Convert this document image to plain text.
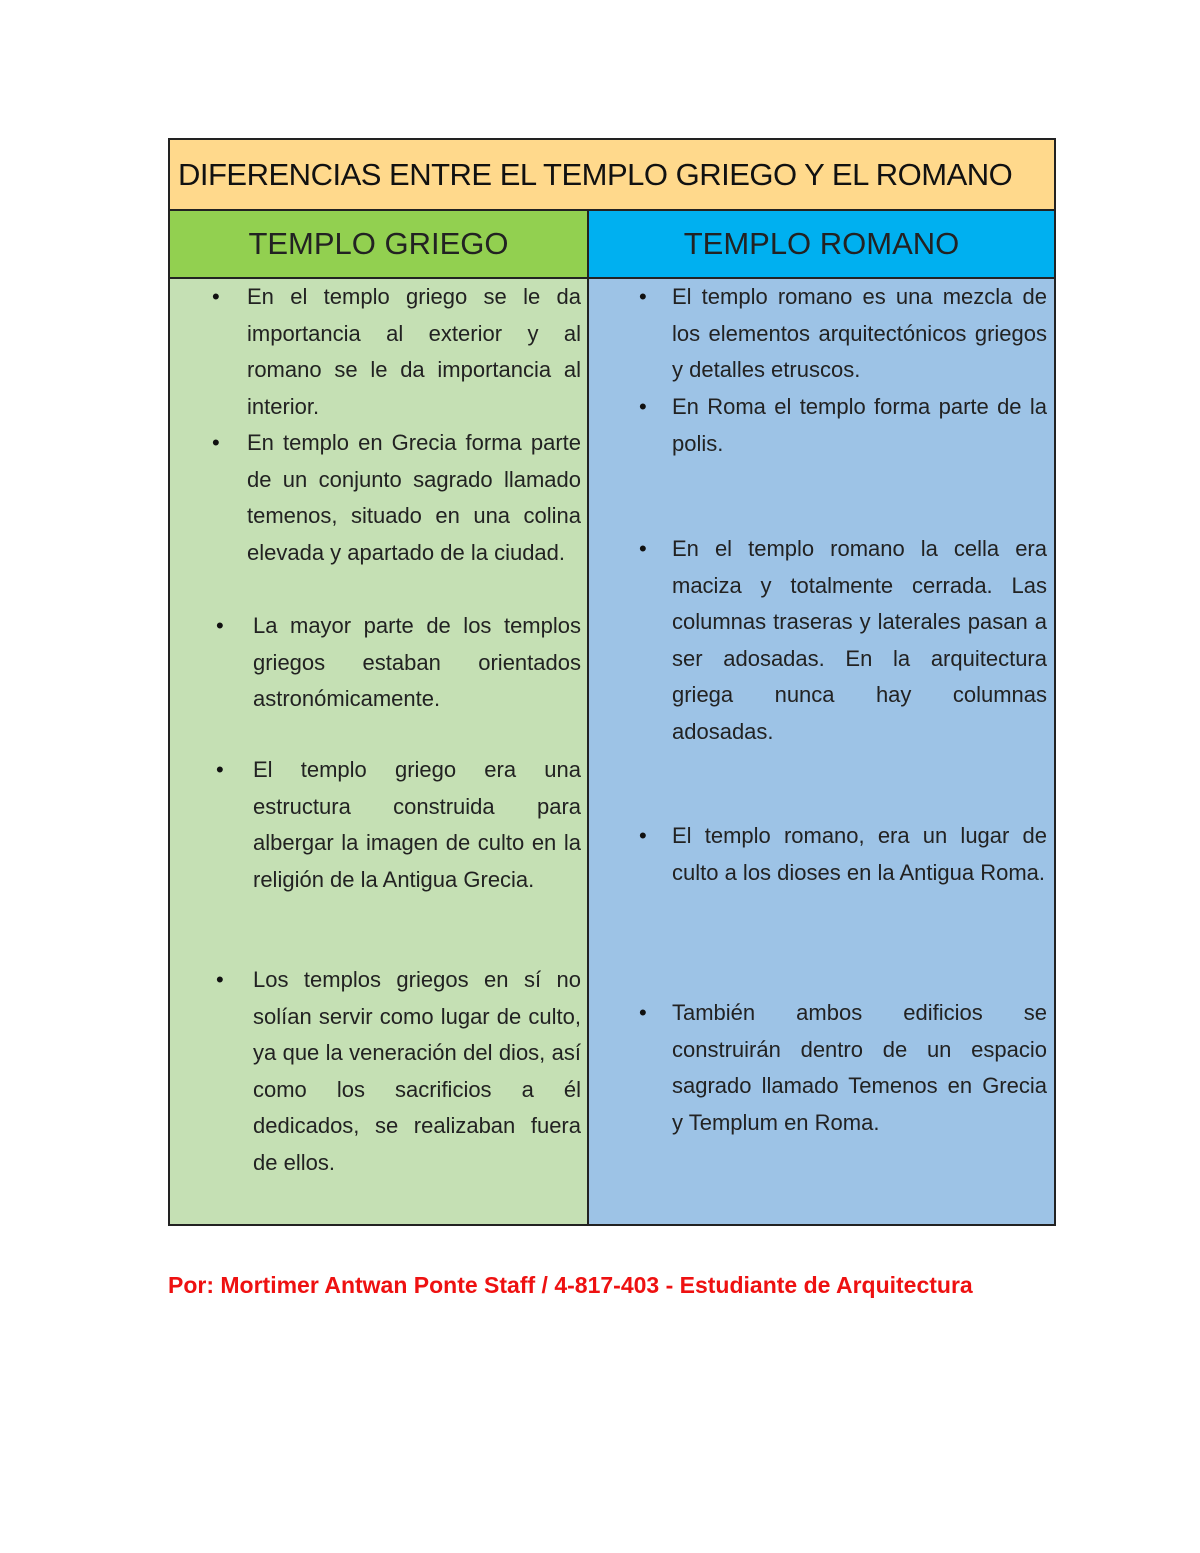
DIFERENCIAS ENTRE EL TEMPLO GRIEGO Y EL ROMANO
TEMPLO GRIEGO	TEMPLO ROMANO
• En el templo griego se le da importancia al exterior y al romano se le da importancia al interior.
• En templo en Grecia forma parte de un conjunto sagrado llamado temenos, situado en una colina elevada y apartado de la ciudad.
• La mayor parte de los templos griegos estaban orientados astronómicamente.
• El templo griego era una estructura construida para albergar la imagen de culto en la religión de la Antigua Grecia.
• Los templos griegos en sí no solían servir como lugar de culto, ya que la veneración del dios, así como los sacrificios a él dedicados, se realizaban fuera de ellos.
• El templo romano es una mezcla de los elementos arquitectónicos griegos y detalles etruscos.
• En Roma el templo forma parte de la polis.
• En el templo romano la cella era maciza y totalmente cerrada. Las columnas traseras y laterales pasan a ser adosadas. En la arquitectura griega nunca hay columnas adosadas.
• El templo romano, era un lugar de culto a los dioses en la Antigua Roma.
• También ambos edificios se construirán dentro de un espacio sagrado llamado Temenos en Grecia y Templum en Roma.
Por: Mortimer Antwan Ponte Staff / 4-817-403 - Estudiante de Arquitectura
